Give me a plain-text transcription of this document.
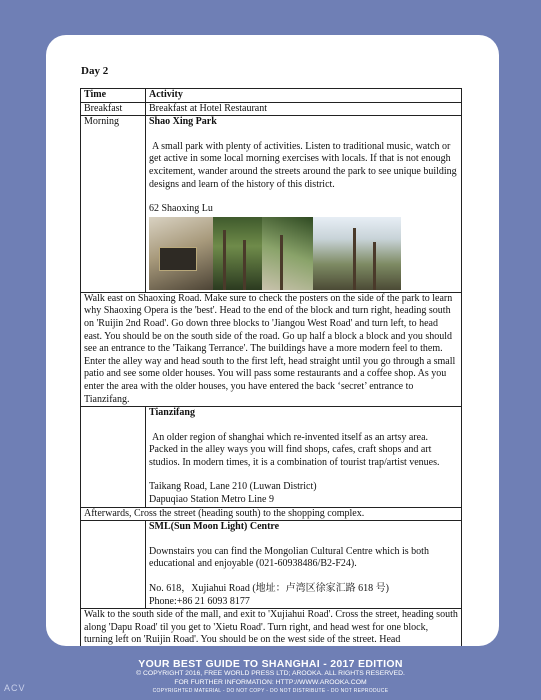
Day 2
Time	Activity
Breakfast	Breakfast at Hotel Restaurant
Morning	Shao Xing Park
A small park with plenty of activities. Listen to traditional music, watch or get active in some local morning exercises with locals. If that is not enough excitement, wander around the streets around the park to see unique building designs and learn of the history of this district.
62 Shaoxing Lu

Walk east on Shaoxing Road. Make sure to check the posters on the side of the park to learn why Shaoxing Opera is the 'best'. Head to the end of the block and turn right, heading south on 'Ruijin 2nd Road'. Go down three blocks to 'Jiangou West Road' and turn left, to head east. You should be on the south side of the road. Go up half a block a block and you should see an entrance to the 'Taikang Terrance'. The buildings have a more modern feel to them. Enter the alley way and head south to the first left, head straight until you go through a small patio and see some older houses. You will pass some restaurants and a coffee shop. As you enter the area with the older houses, you have entered the back ‘secret’ entrance to Tianzifang.	

	Tianzifang
An older region of shanghai which re-invented itself as an artsy area. Packed in the alley ways you will find shops, cafes, craft shops and art studios. In modern times, it is a combination of tourist trap/artist venues.
Taikang Road, Lane 210 (Luwan District)
Dapuqiao Station Metro Line 9

Afterwards, Cross the street (heading south) to the shopping complex.	

	SML(Sun Moon Light) Centre
Downstairs you can find the Mongolian Cultural Centre which is both educational and enjoyable (021-60938486/B2-F24).
No. 618，Xujiahui Road (地址：卢湾区徐家汇路 618 号)
Phone:+86 21 6093 8177

Walk to the south side of the mall, and exit to 'Xujiahui Road'. Cross the street, heading south along 'Dapu Road' til you get to 'Xietu Road'. Turn right, and head west for one block, turning left on 'Ruijin Road'. You should be on the west side of the street. Head	
YOUR BEST GUIDE TO SHANGHAI - 2017 EDITION
© COPYRIGHT 2016, FREE WORLD PRESS LTD; AROOKA. ALL RIGHTS RESERVED.
FOR FURTHER INFORMATION: HTTP://WWW.AROOKA.COM
COPYRIGHTED MATERIAL - DO NOT COPY - DO NOT DISTRIBUTE - DO NOT REPRODUCE
ACV
